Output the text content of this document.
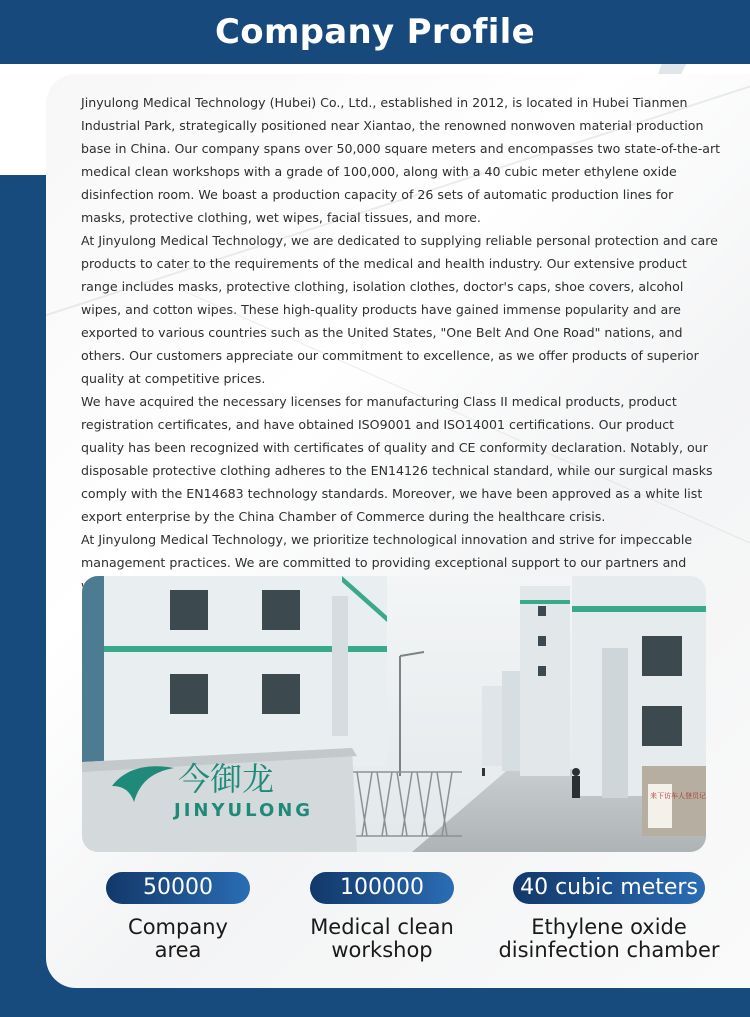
Company Profile

Jinyulong Medical Technology (Hubei) Co., Ltd., established in 2012, is located in Hubei Tianmen Industrial Park, strategically positioned near Xiantao, the renowned nonwoven material production base in China. Our company spans over 50,000 square meters and encompasses two state-of-the-art medical clean workshops with a grade of 100,000, along with a 40 cubic meter ethylene oxide disinfection room. We boast a production capacity of 26 sets of automatic production lines for masks, protective clothing, wet wipes, facial tissues, and more.

At Jinyulong Medical Technology, we are dedicated to supplying reliable personal protection and care products to cater to the requirements of the medical and health industry. Our extensive product range includes masks, protective clothing, isolation clothes, doctor's caps, shoe covers, alcohol wipes, and cotton wipes. These high-quality products have gained immense popularity and are exported to various countries such as the United States, "One Belt And One Road" nations, and others. Our customers appreciate our commitment to excellence, as we offer products of superior quality at competitive prices.

We have acquired the necessary licenses for manufacturing Class II medical products, product registration certificates, and have obtained ISO9001 and ISO14001 certifications. Our product quality has been recognized with certificates of quality and CE conformity declaration. Notably, our disposable protective clothing adheres to the EN14126 technical standard, while our surgical masks comply with the EN14683 technology standards. Moreover, we have been approved as a white list export enterprise by the China Chamber of Commerce during the healthcare crisis.

At Jinyulong Medical Technology, we prioritize technological innovation and strive for impeccable management practices. We are committed to providing exceptional support to our partners and

今御龙
JINYULONG
来下访车人登员记
50000
Company area
100000
Medical clean
workshop
40 cubic meters
Ethylene oxide
disinfection chamber
